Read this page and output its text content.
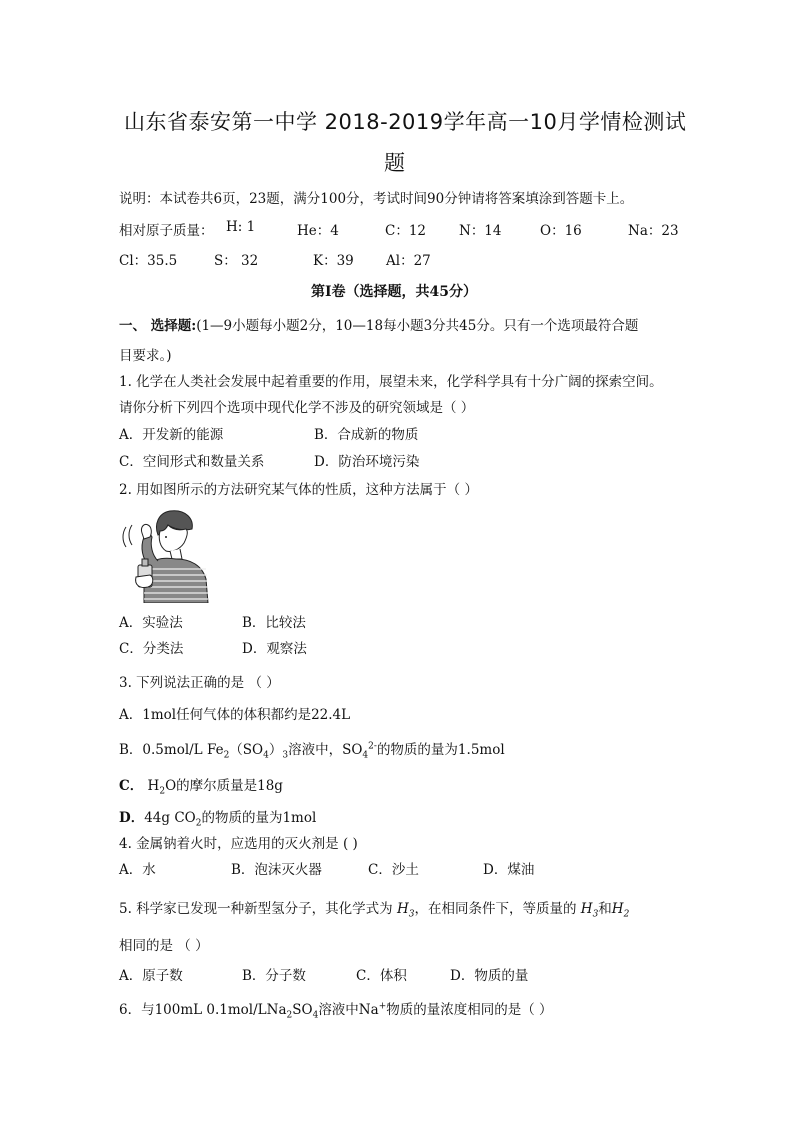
山东省泰安第一中学 2018-2019学年高一10月学情检测试
题
说明：本试卷共6页，23题，满分100分，考试时间90分钟请将答案填涂到答题卡上。
相对原子质量： H: 1	He：4	C：12 N：14	O：16	Na：23
Cl：35.5	S： 32	K：39 Al：27
第Ⅰ卷（选择题，共45分）
一、 选择题:(1—9小题每小题2分，10—18每小题3分共45分。只有一个选项最符合题
目要求。)
1. 化学在人类社会发展中起着重要的作用，展望未来，化学科学具有十分广阔的探索空间。
请你分析下列四个选项中现代化学不涉及的研究领域是（ ）
A．开发新的能源	B．合成新的物质
C．空间形式和数量关系	D．防治环境污染
2. 用如图所示的方法研究某气体的性质，这种方法属于（ ）
A．实验法	B．比较法
C．分类法	D．观察法
3. 下列说法正确的是 （ ）
A．1mol任何气体的体积都约是22.4L
B．0.5mol/L $Fe_2(SO_4)_3$溶液中，$SO_4^{2-}$的物质的量为1.5mol
C． $H_2O$的摩尔质量是18g
D．44g $CO_2$的物质的量为1mol
4. 金属钠着火时，应选用的灭火剂是 ( )
A．水	B．泡沫灭火器	C．沙土	D．煤油
5. 科学家已发现一种新型氢分子，其化学式为 $H_3$，在相同条件下，等质量的 $H_3$和$H_2$
相同的是 （ ）
A．原子数	B．分子数	C．体积	D．物质的量
6．与100mL $0.1mol/LNa_2SO_4$溶液中Na+物质的量浓度相同的是（ ）
